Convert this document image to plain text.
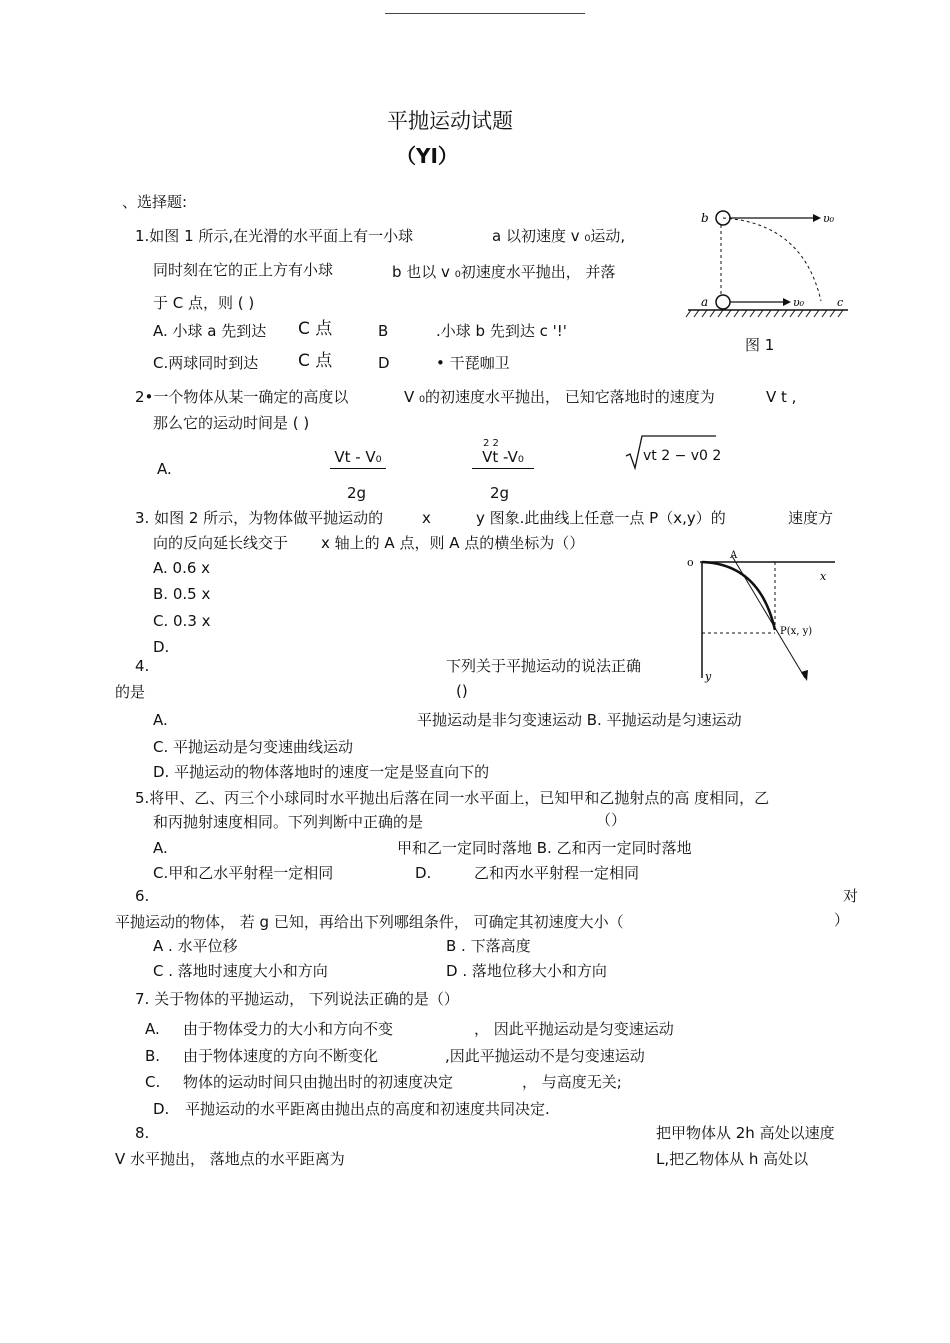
平抛运动试题
（YI）
、选择题:
1.如图 1 所示,在光滑的水平面上有一小球	a 以初速度 v ₀运动,
同时刻在它的正上方有小球	b 也以 v ₀初速度水平抛出， 并落
于 C 点，则 ( )
A. 小球 a 先到达 C 点	B	.小球 b 先到达 c '!'
C.两球同时到达 C 点	D	• 干琵咖卫
b
a
υ₀
υ₀	c
图 1
2•一个物体从某一确定的高度以	V ₀的初速度水平抛出， 已知它落地时的速度为	V t ,
那么它的运动时间是 ( )
A.
Vt - V₀
2g
2 2
Vt -V₀
2g
vt 2 − v0 2
3. 如图 2 所示，为物体做平抛运动的	x	y 图象.此曲线上任意一点 P（x,y）的	速度方
向的反向延长线交于 x 轴上的 A 点，则 A 点的横坐标为（）
A. 0.6 x
B. 0.5 x
C. 0.3 x
D.
o
x
y
A
P(x, y)
4.	下列关于平抛运动的说法正确
的是	()
A.	平抛运动是非匀变速运动 B. 平抛运动是匀速运动
C. 平抛运动是匀变速曲线运动
D. 平抛运动的物体落地时的速度一定是竖直向下的
5.将甲、乙、丙三个小球同时水平抛出后落在同一水平面上，已知甲和乙抛射点的高 度相同，乙
和丙抛射速度相同。下列判断中正确的是	（）
A.	甲和乙一定同时落地 B. 乙和丙一定同时落地
C.甲和乙水平射程一定相同	D.	乙和丙水平射程一定相同
6.	对
平抛运动的物体， 若 g 已知，再给出下列哪组条件， 可确定其初速度大小（	）
A . 水平位移	B . 下落高度
C . 落地时速度大小和方向	D . 落地位移大小和方向
7. 关于物体的平抛运动， 下列说法正确的是（）
A. 由于物体受力的大小和方向不变	， 因此平抛运动是匀变速运动
B. 由于物体速度的方向不断变化	,因此平抛运动不是匀变速运动
C. 物体的运动时间只由抛出时的初速度决定	， 与高度无关;
D. 平抛运动的水平距离由抛出点的高度和初速度共同决定.
8.	把甲物体从 2h 高处以速度
V 水平抛出， 落地点的水平距离为	L,把乙物体从 h 高处以
